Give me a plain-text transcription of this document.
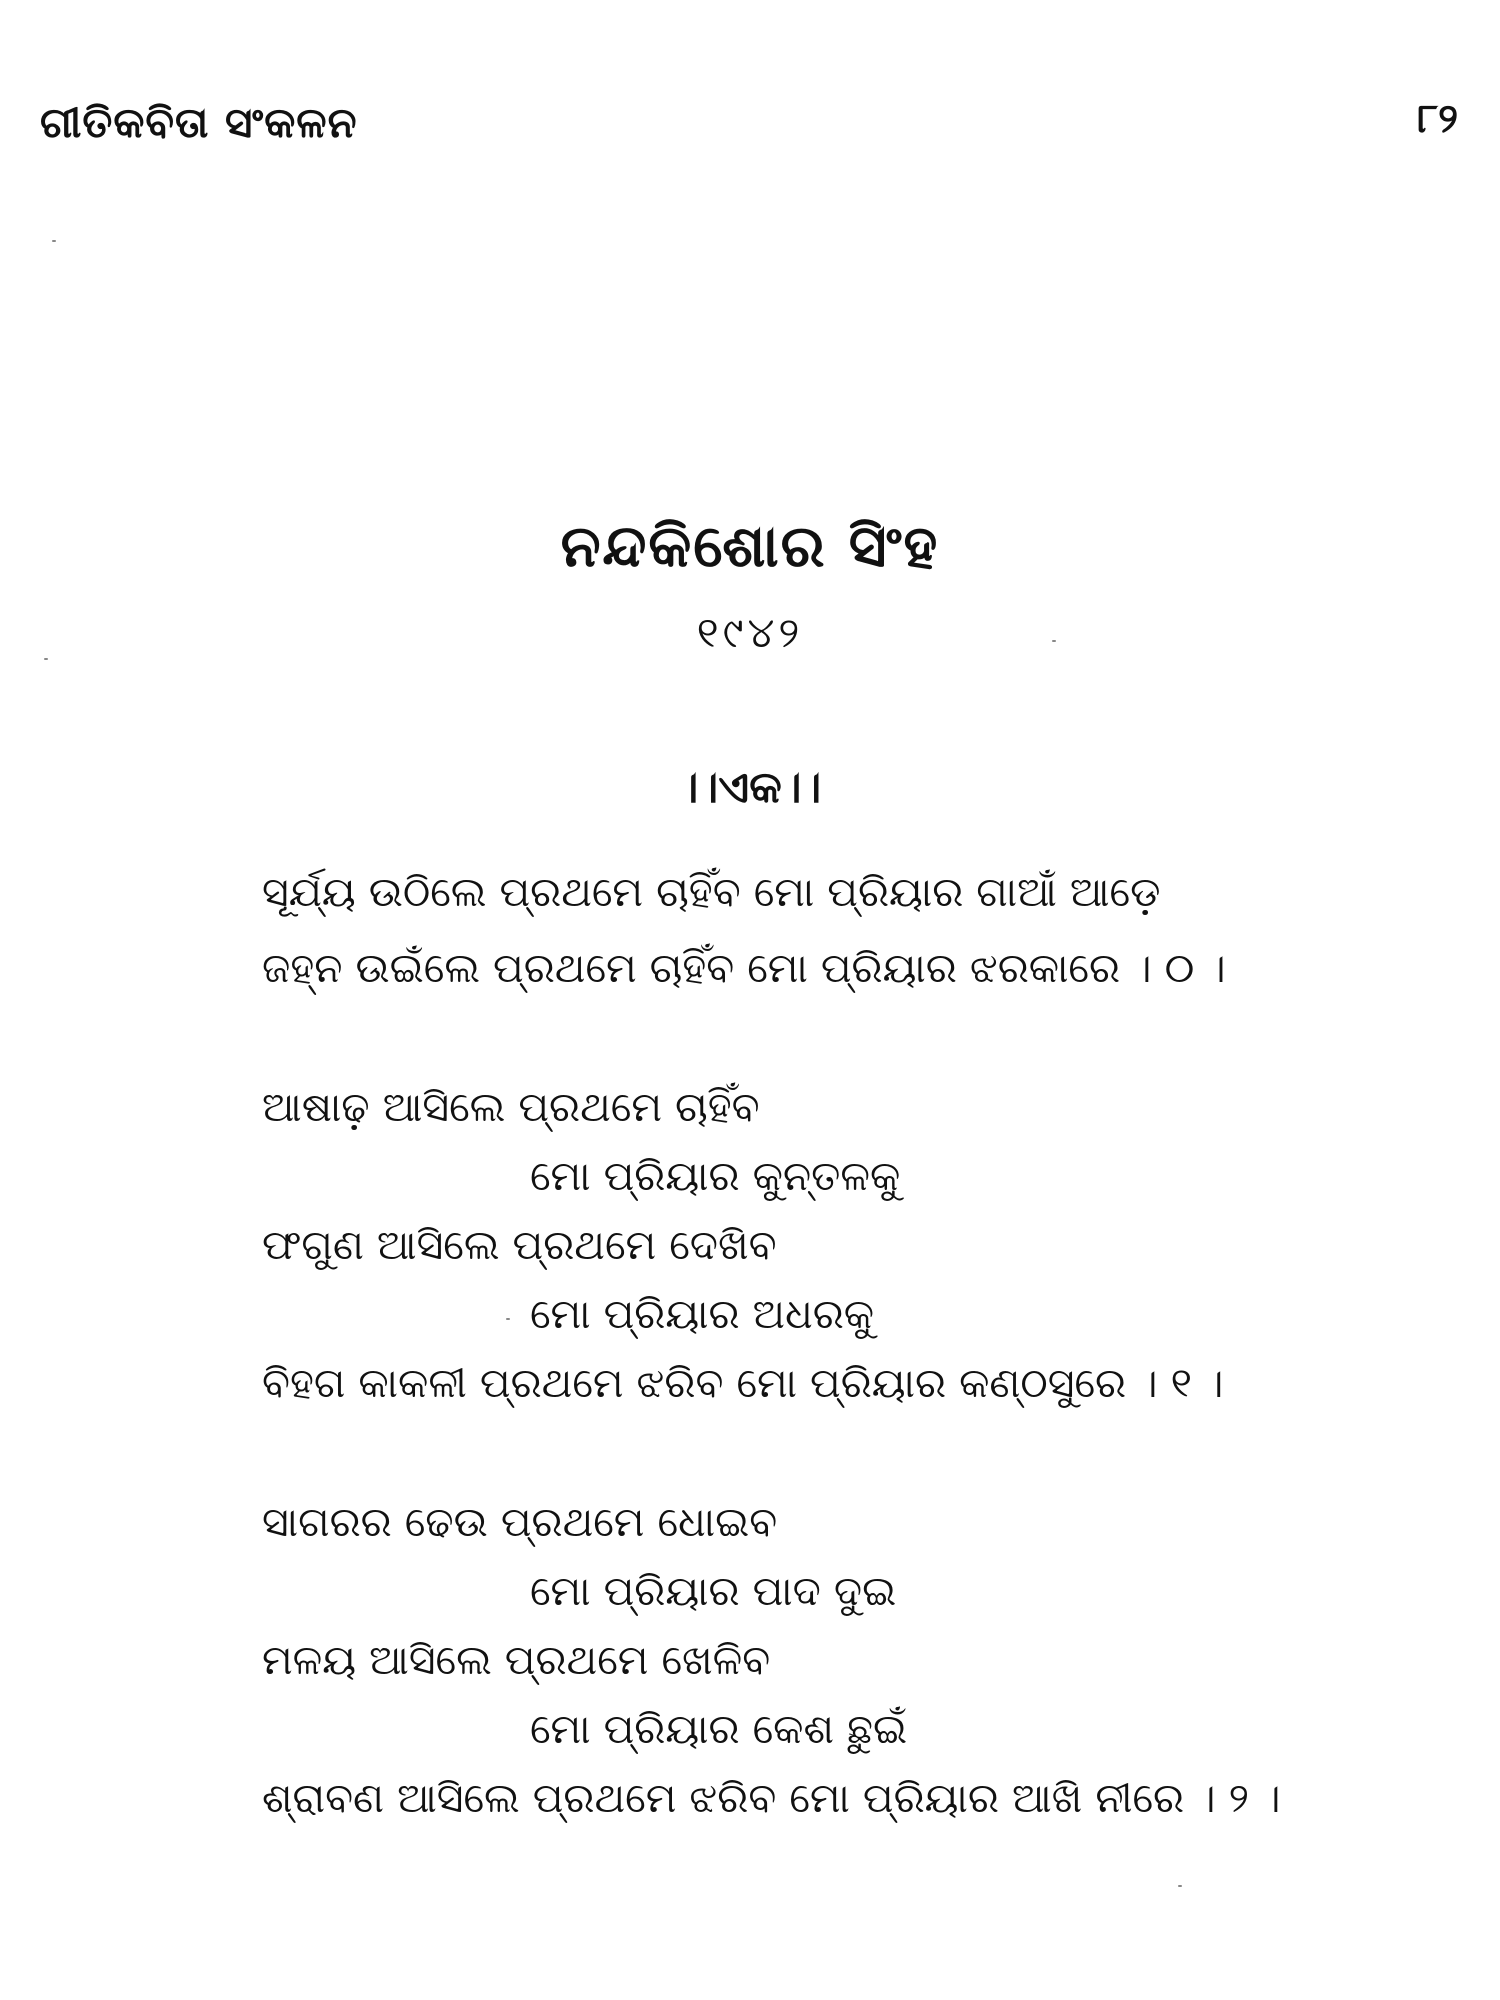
ଗୀତିକବିତା ସଂକଳନ	୮୨
ନନ୍ଦକିଶୋର ସିଂହ
୧୯୪୨
।।ଏକ।।
ସୂର୍ଯ୍ୟ ଉଠିଲେ ପ୍ରଥମେ ଚାହିଁବ ମୋ ପ୍ରିୟାର ଗାଆଁ ଆଡ଼େ
ଜହ୍ନ ଉଇଁଲେ ପ୍ରଥମେ ଚାହିଁବ ମୋ ପ୍ରିୟାର ଝରକାରେ । ୦ ।
ଆଷାଢ଼ ଆସିଲେ ପ୍ରଥମେ ଚାହିଁବ
ମୋ ପ୍ରିୟାର କୁନ୍ତଳକୁ
ଫଗୁଣ ଆସିଲେ ପ୍ରଥମେ ଦେଖିବ
ମୋ ପ୍ରିୟାର ଅଧରକୁ
ବିହଗ କାକଳୀ ପ୍ରଥମେ ଝରିବ ମୋ ପ୍ରିୟାର କଣ୍ଠସୁରେ । ୧ ।
ସାଗରର ଢେଉ ପ୍ରଥମେ ଧୋଇବ
ମୋ ପ୍ରିୟାର ପାଦ ଦୁଇ
ମଳୟ ଆସିଲେ ପ୍ରଥମେ ଖେଳିବ
ମୋ ପ୍ରିୟାର କେଶ ଛୁଇଁ
ଶ୍ରାବଣ ଆସିଲେ ପ୍ରଥମେ ଝରିବ ମୋ ପ୍ରିୟାର ଆଖି ନୀରେ । ୨ ।
